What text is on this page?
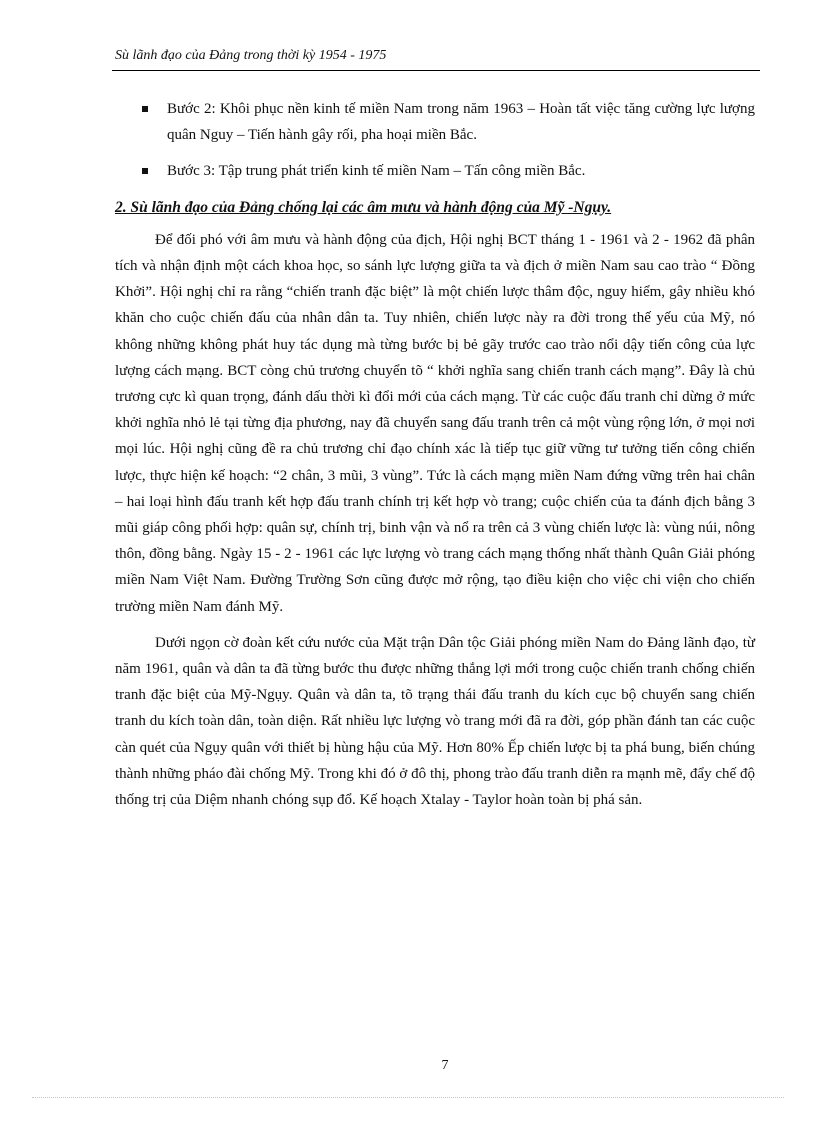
Sù lãnh đạo của Đảng trong thời kỳ 1954 - 1975
Bước 2: Khôi phục nền kinh tế miền Nam trong năm 1963 – Hoàn tất việc tăng cường lực lượng quân Nguy – Tiến hành gây rối, pha hoại miền Bắc.
Bước 3: Tập trung phát triển kinh tế miền Nam – Tấn công miền Bắc.
2. Sù lãnh đạo của Đảng chống lại các âm mưu và hành động của Mỹ -Ngụy.

Để đối phó với âm mưu và hành động của địch, Hội nghị BCT tháng 1 - 1961 và 2 - 1962 đã phân tích và nhận định một cách khoa học, so sánh lực lượng giữa ta và địch ở miền Nam sau cao trào “ Đồng Khởi”. Hội nghị chỉ ra rằng “chiến tranh đặc biệt” là một chiến lược thâm độc, nguy hiểm, gây nhiều khó khăn cho cuộc chiến đấu của nhân dân ta. Tuy nhiên, chiến lược này ra đời trong thế yếu của Mỹ, nó không những không phát huy tác dụng mà từng bước bị bẻ gãy trước cao trào nổi dậy tiến công của lực lượng cách mạng. BCT còng chủ trương chuyển tõ “ khởi nghĩa sang chiến tranh cách mạng”. Đây là chủ trương cực kì quan trọng, đánh dấu thời kì đổi mới của cách mạng. Từ các cuộc đấu tranh chỉ dừng ở mức khởi nghĩa nhỏ lẻ tại từng địa phương, nay đã chuyển sang đấu tranh trên cả một vùng rộng lớn, ở mọi nơi mọi lúc. Hội nghị cũng đề ra chủ trương chỉ đạo chính xác là tiếp tục giữ vững tư tưởng tiến công chiến lược, thực hiện kế hoạch: “2 chân, 3 mũi, 3 vùng”. Tức là cách mạng miền Nam đứng vững trên hai chân – hai loại hình đấu tranh kết hợp đấu tranh chính trị kết hợp vò trang; cuộc chiến của ta đánh địch bằng 3 mũi giáp công phối hợp: quân sự, chính trị, binh vận và nổ ra trên cả 3 vùng chiến lược là: vùng núi, nông thôn, đồng bằng. Ngày 15 - 2 - 1961 các lực lượng vò trang cách mạng thống nhất thành Quân Giải phóng miền Nam Việt Nam. Đường Trường Sơn cũng được mở rộng, tạo điều kiện cho việc chi viện cho chiến trường miền Nam đánh Mỹ.

Dưới ngọn cờ đoàn kết cứu nước của Mặt trận Dân tộc Giải phóng miền Nam do Đảng lãnh đạo, từ năm 1961, quân và dân ta đã từng bước thu được những thắng lợi mới trong cuộc chiến tranh chống chiến tranh đặc biệt của Mỹ-Ngụy. Quân và dân ta, tõ trạng thái đấu tranh du kích cục bộ chuyển sang chiến tranh du kích toàn dân, toàn diện. Rất nhiều lực lượng vò trang mới đã ra đời, góp phần đánh tan các cuộc càn quét của Ngụy quân với thiết bị hùng hậu của Mỹ. Hơn 80% Ếp chiến lược bị ta phá bung, biến chúng thành những pháo đài chống Mỹ. Trong khi đó ở đô thị, phong trào đấu tranh diễn ra mạnh mẽ, đẩy chế độ thống trị của Diệm nhanh chóng sụp đổ. Kế hoạch Xtalay - Taylor hoàn toàn bị phá sản.

7
